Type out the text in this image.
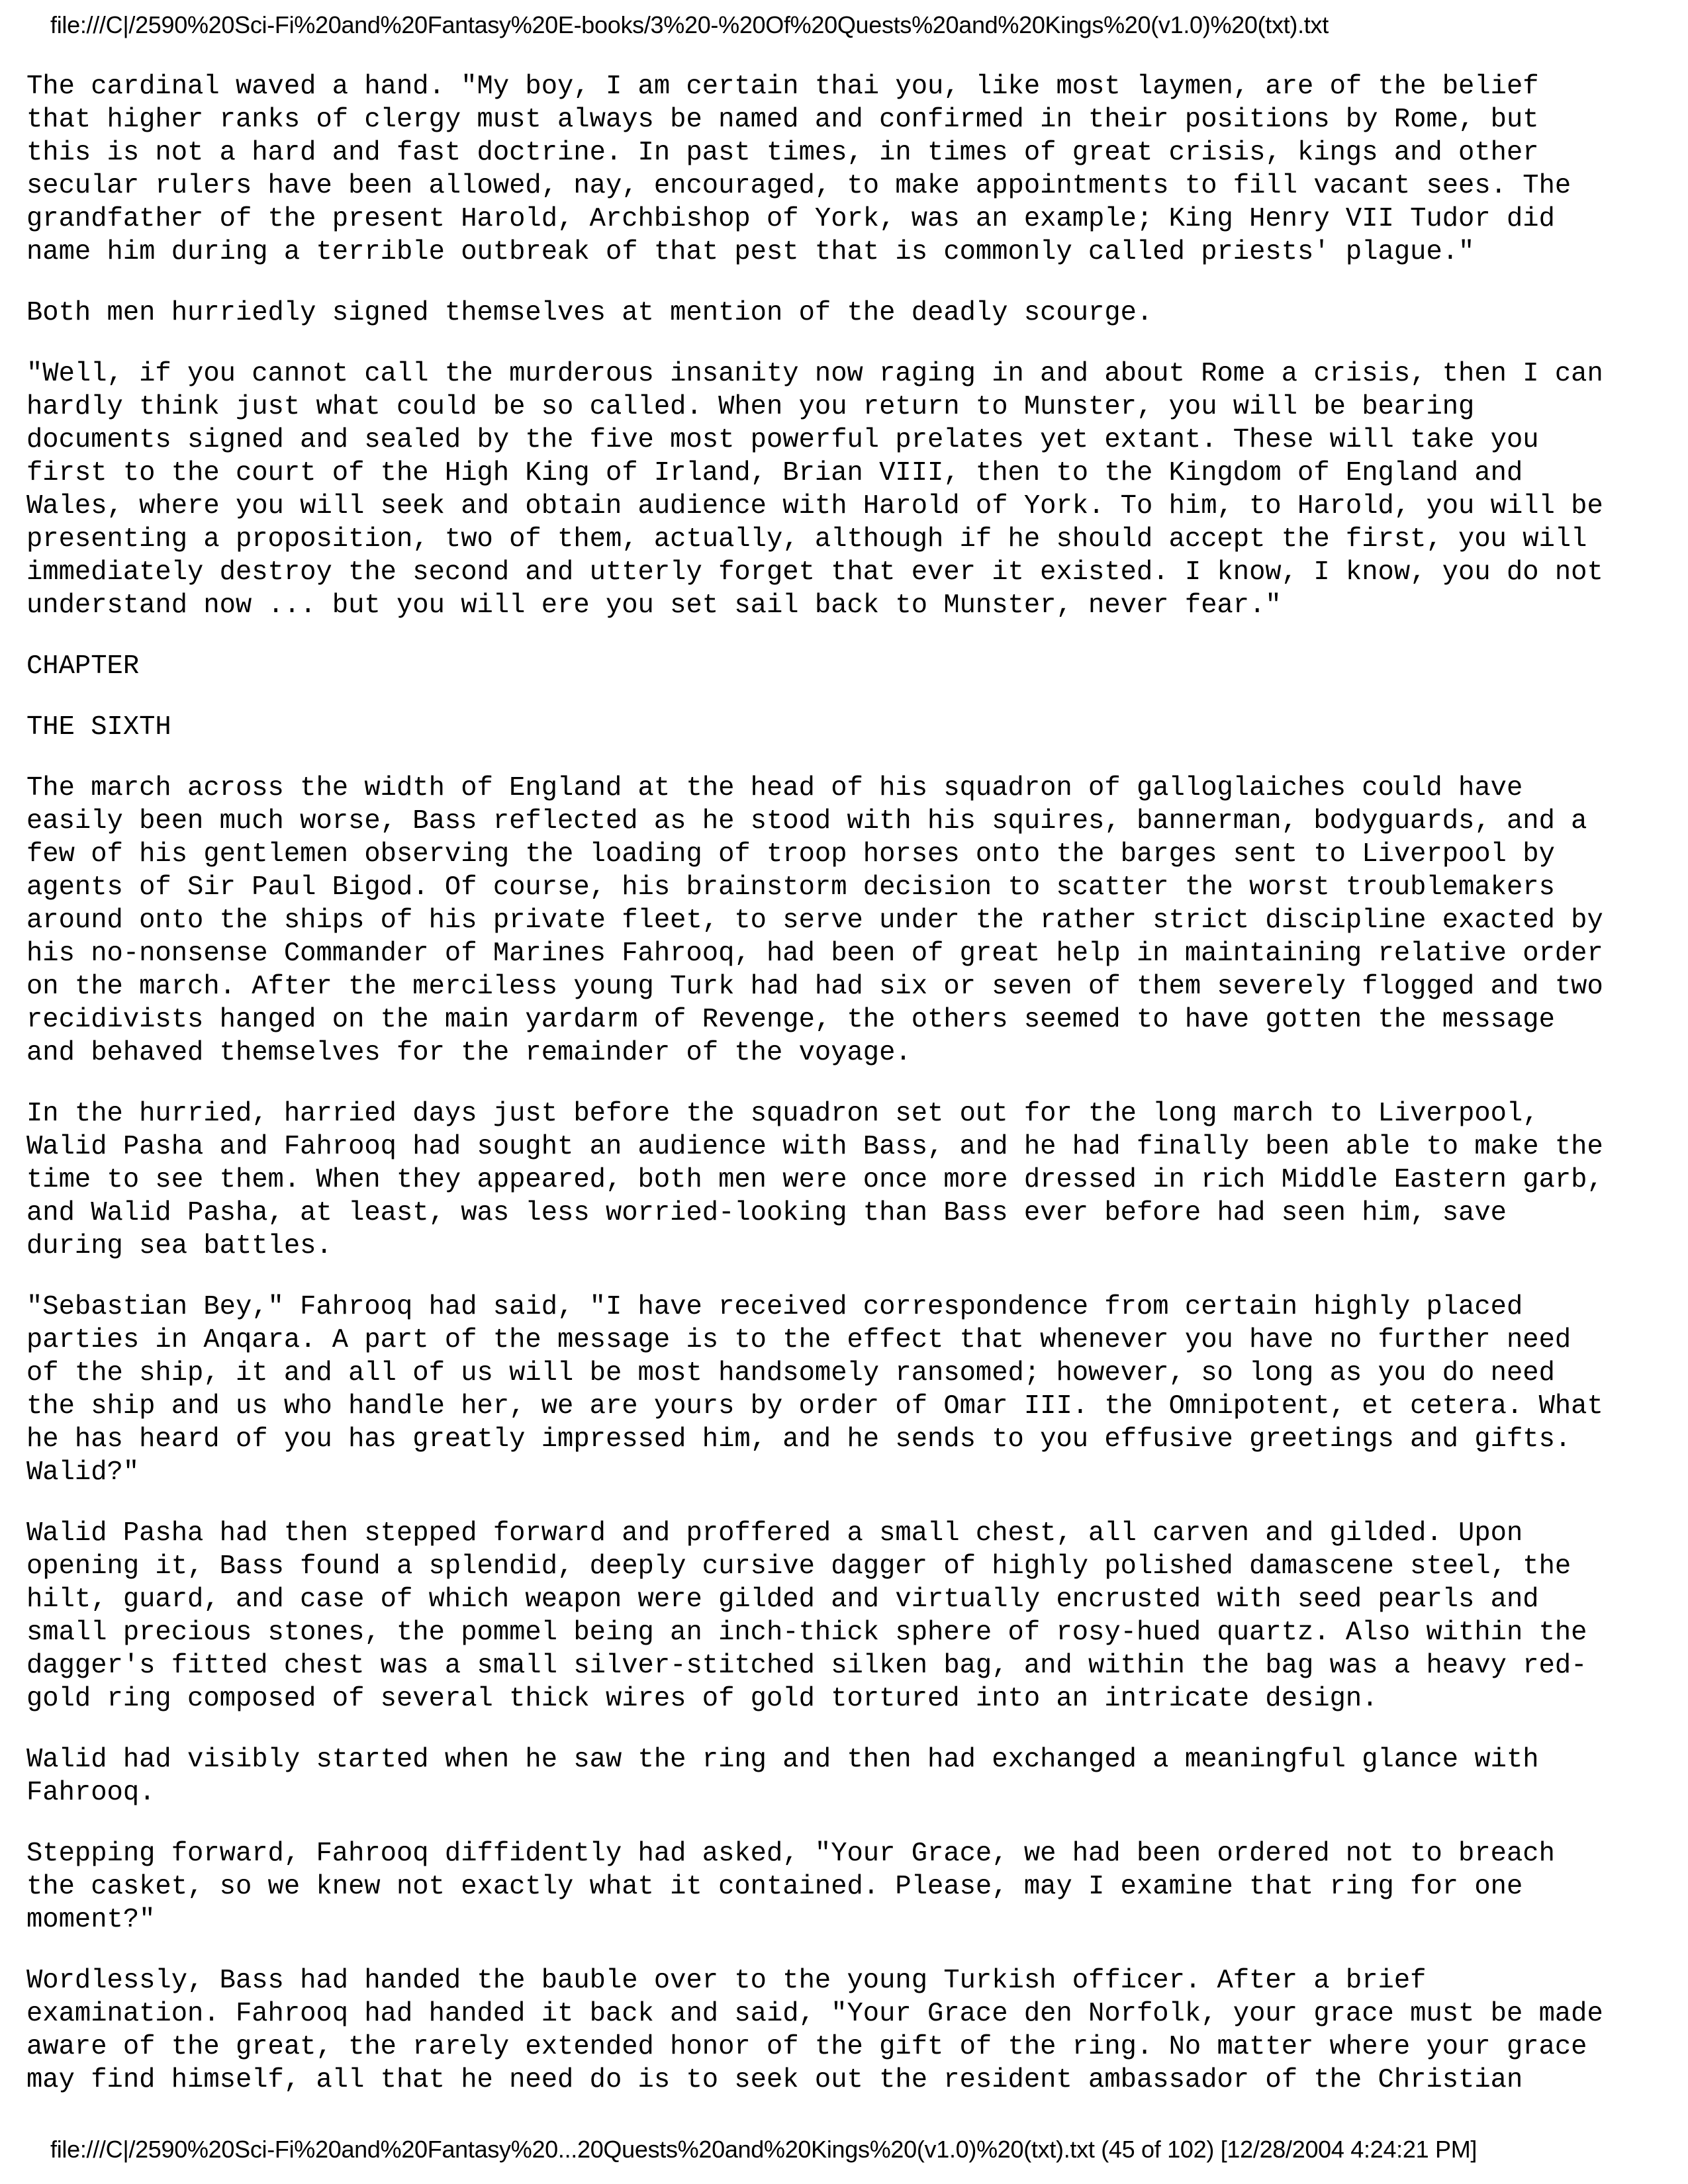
file:///C|/2590%20Sci-Fi%20and%20Fantasy%20E-books/3%20-%20Of%20Quests%20and%20Kings%20(v1.0)%20(txt).txt

The cardinal waved a hand. "My boy, I am certain thai you, like most laymen, are of the belief
that higher ranks of clergy must always be named and confirmed in their positions by Rome, but
this is not a hard and fast doctrine. In past times, in times of great crisis, kings and other
secular rulers have been allowed, nay, encouraged, to make appointments to fill vacant sees. The
grandfather of the present Harold, Archbishop of York, was an example; King Henry VII Tudor did
name him during a terrible outbreak of that pest that is commonly called priests' plague."

Both men hurriedly signed themselves at mention of the deadly scourge.

"Well, if you cannot call the murderous insanity now raging in and about Rome a crisis, then I can
hardly think just what could be so called. When you return to Munster, you will be bearing
documents signed and sealed by the five most powerful prelates yet extant. These will take you
first to the court of the High King of Irland, Brian VIII, then to the Kingdom of England and
Wales, where you will seek and obtain audience with Harold of York. To him, to Harold, you will be
presenting a proposition, two of them, actually, although if he should accept the first, you will
immediately destroy the second and utterly forget that ever it existed. I know, I know, you do not
understand now ... but you will ere you set sail back to Munster, never fear."

CHAPTER

THE SIXTH

The march across the width of England at the head of his squadron of galloglaiches could have
easily been much worse, Bass reflected as he stood with his squires, bannerman, bodyguards, and a
few of his gentlemen observing the loading of troop horses onto the barges sent to Liverpool by
agents of Sir Paul Bigod. Of course, his brainstorm decision to scatter the worst troublemakers
around onto the ships of his private fleet, to serve under the rather strict discipline exacted by
his no-nonsense Commander of Marines Fahrooq, had been of great help in maintaining relative order
on the march. After the merciless young Turk had had six or seven of them severely flogged and two
recidivists hanged on the main yardarm of Revenge, the others seemed to have gotten the message
and behaved themselves for the remainder of the voyage.

In the hurried, harried days just before the squadron set out for the long march to Liverpool,
Walid Pasha and Fahrooq had sought an audience with Bass, and he had finally been able to make the
time to see them. When they appeared, both men were once more dressed in rich Middle Eastern garb,
and Walid Pasha, at least, was less worried-looking than Bass ever before had seen him, save
during sea battles.

"Sebastian Bey," Fahrooq had said, "I have received correspondence from certain highly placed
parties in Anqara. A part of the message is to the effect that whenever you have no further need
of the ship, it and all of us will be most handsomely ransomed; however, so long as you do need
the ship and us who handle her, we are yours by order of Omar III. the Omnipotent, et cetera. What
he has heard of you has greatly impressed him, and he sends to you effusive greetings and gifts.
Walid?"

Walid Pasha had then stepped forward and proffered a small chest, all carven and gilded. Upon
opening it, Bass found a splendid, deeply cursive dagger of highly polished damascene steel, the
hilt, guard, and case of which weapon were gilded and virtually encrusted with seed pearls and
small precious stones, the pommel being an inch-thick sphere of rosy-hued quartz. Also within the
dagger's fitted chest was a small silver-stitched silken bag, and within the bag was a heavy red-
gold ring composed of several thick wires of gold tortured into an intricate design.

Walid had visibly started when he saw the ring and then had exchanged a meaningful glance with
Fahrooq.

Stepping forward, Fahrooq diffidently had asked, "Your Grace, we had been ordered not to breach
the casket, so we knew not exactly what it contained. Please, may I examine that ring for one
moment?"

Wordlessly, Bass had handed the bauble over to the young Turkish officer. After a brief
examination. Fahrooq had handed it back and said, "Your Grace den Norfolk, your grace must be made
aware of the great, the rarely extended honor of the gift of the ring. No matter where your grace
may find himself, all that he need do is to seek out the resident ambassador of the Christian

file:///C|/2590%20Sci-Fi%20and%20Fantasy%20...20Quests%20and%20Kings%20(v1.0)%20(txt).txt (45 of 102) [12/28/2004 4:24:21 PM]
